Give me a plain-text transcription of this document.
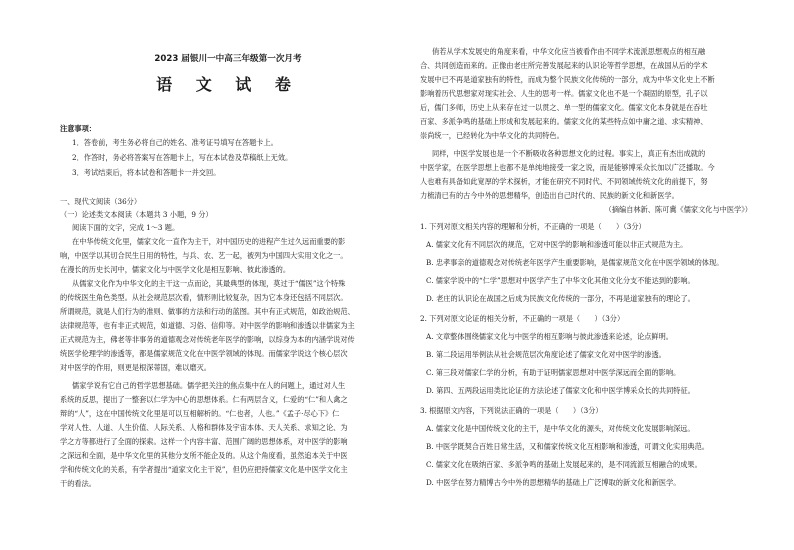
2023 届银川一中高三年级第一次月考
语 文 试 卷
注意事项：
1．答卷前，考生务必将自己的姓名、准考证号填写在答题卡上。
2．作答时，务必将答案写在答题卡上，写在本试卷及草稿纸上无效。
3．考试结束后，将本试卷和答题卡一并交回。
一、现代文阅读（36分）
（一）论述类文本阅读（本题共 3 小题，9 分）
阅读下面的文字，完成 1～3 题。
在中华传统文化里，儒家文化一直作为主干，对中国历史的进程产生过久远而重要的影
响，中医学以其切合民生日用的特性，与兵、农、艺一起，被列为中国四大实用文化之一。
在漫长的历史长河中，儒家文化与中医学文化是相互影响、彼此渗透的。
从儒家文化作为中华文化的主干这一点而论，其最典型的体现，莫过于“儒医”这个特殊
的传统医生角色类型。从社会规范层次看，情形则比较复杂，因为它本身还包括不同层次。
所谓规范，就是人们行为的准则、做事的方法和行动的蓝图。其中有正式规范，如政治规范、
法律规范等，也有非正式规范，如道德、习俗、信仰等。对中医学的影响和渗透以非儒家为主
正式规范为主，佛老等非事务的道德观念对传统老年医学的影响，以综身为本的内涵学说对传
统医学伦理学的渗透等，都是儒家规范文化在中医学领域的体现。而儒家学说这个核心层次
对中医学的作用，则更是根深蒂固，难以磨灭。
儒家学说有它自己的哲学思想基础。儒学把关注的焦点集中在人的问题上，通过对人生
系统的反思，提出了一整套以仁学为中心的思想体系。仁有两层含义，仁爱的“仁”和人禽之
辩的“人”，这在中国传统文化里是可以互相解析的。“仁也者，人也。”《孟子·尽心下》仁
学对人性、人道、人生价值、人际关系、人格和群体及宇宙本体、天人关系、求知之论、为
学之方等都进行了全面的探索。这样一个内容丰富、范围广阔的思想体系，对中医学的影响
之深远和全面，是中华文化里的其他分支所不能企及的。从这个角度看，虽然追本关于中医
学和传统文化的关系，有学者提出“道家文化主干说”，但仍应把持儒家文化是中医学文化主
干的看法。
俏若从学术发展史的角度来看，中华文化应当被看作由不同学术流派思想观点的相互融
合、共同创造而来的。正像由老庄所完善发展起来的认识论等哲学思想，在战国从后的学术
发展中已不再是道家独有的特性，而成为整个民族文化传统的一部分，成为中华文化史上不断
影响着历代思想家对现实社会、人生的思考一样。儒家文化也不是一个凝固的原型，孔子以
后，儒门多师，历史上从来存在过一以贯之、单一型的儒家文化。儒家文化本身就是在吞吐
百家、多派争鸣的基础上形成和发展起来的。儒家文化的某些特点如中庸之道、求实精神、
崇尚统一，已经转化为中华文化的共同特色。
同样，中医学发展也是一个不断吸收各种思想文化的过程。事实上，真正有杰出成就的
中医学家，在医学思想上也都不是单纯地接受一家之说，而是能够博采众长加以广泛播取。今
人也难有具备如此宽厚的学术探析，才能在研究不同时代、不同领域传统文化的前提下，努
力梳清已有的古今中外的思想精华，创造出自己时代的、民族的新文化和新医学。
（摘编自林新、陈可冀《儒家文化与中医学》）
1. 下列对原文相关内容的理解和分析，不正确的一项是（　　）（3分）
A. 儒家文化有不同层次的规范，它对中医学的影响和渗透可能以非正式规范为主。
B. 忠孝事亲的道德观念对传统老年医学产生重要影响，是儒家规范文化在中医学领域的体现。
C. 儒家学说中的“仁学”思想对中医学产生了中华文化其他文化分支不能达到的影响。
D. 老庄的认识论在战国之后成为民族文化传统的一部分，不再是道家独有的理论了。
2. 下列对原文论证的相关分析，不正确的一项是（　　）（3分）
A. 文章整体围绕儒家文化与中医学的相互影响与彼此渗透来论述，论点鲜明。
B. 第二段运用举例法从社会规范层次角度论述了儒家文化对中医学的渗透。
C. 第三段对儒家仁学的分析，有助于证明儒家思想对中医学深远而全面的影响。
D. 第四、五两段运用类比论证的方法论述了儒家文化和中医学博采众长的共同特征。
3. 根据原文内容，下列说法正确的一项是（　　）（3分）
A. 儒家文化是中国传统文化的主干，是中华文化的源头，对传统文化发展影响深远。
B. 中医学既契合百姓日常生活，又和儒家传统文化互相影响和渗透，可谓文化实用典范。
C. 儒家文化在吸纳百家、多派争鸣的基础上发展起来的，是不同流派互相融合的成果。
D. 中医学在努力精博古今中外的思想精华的基础上广泛博取的新文化和新医学。
